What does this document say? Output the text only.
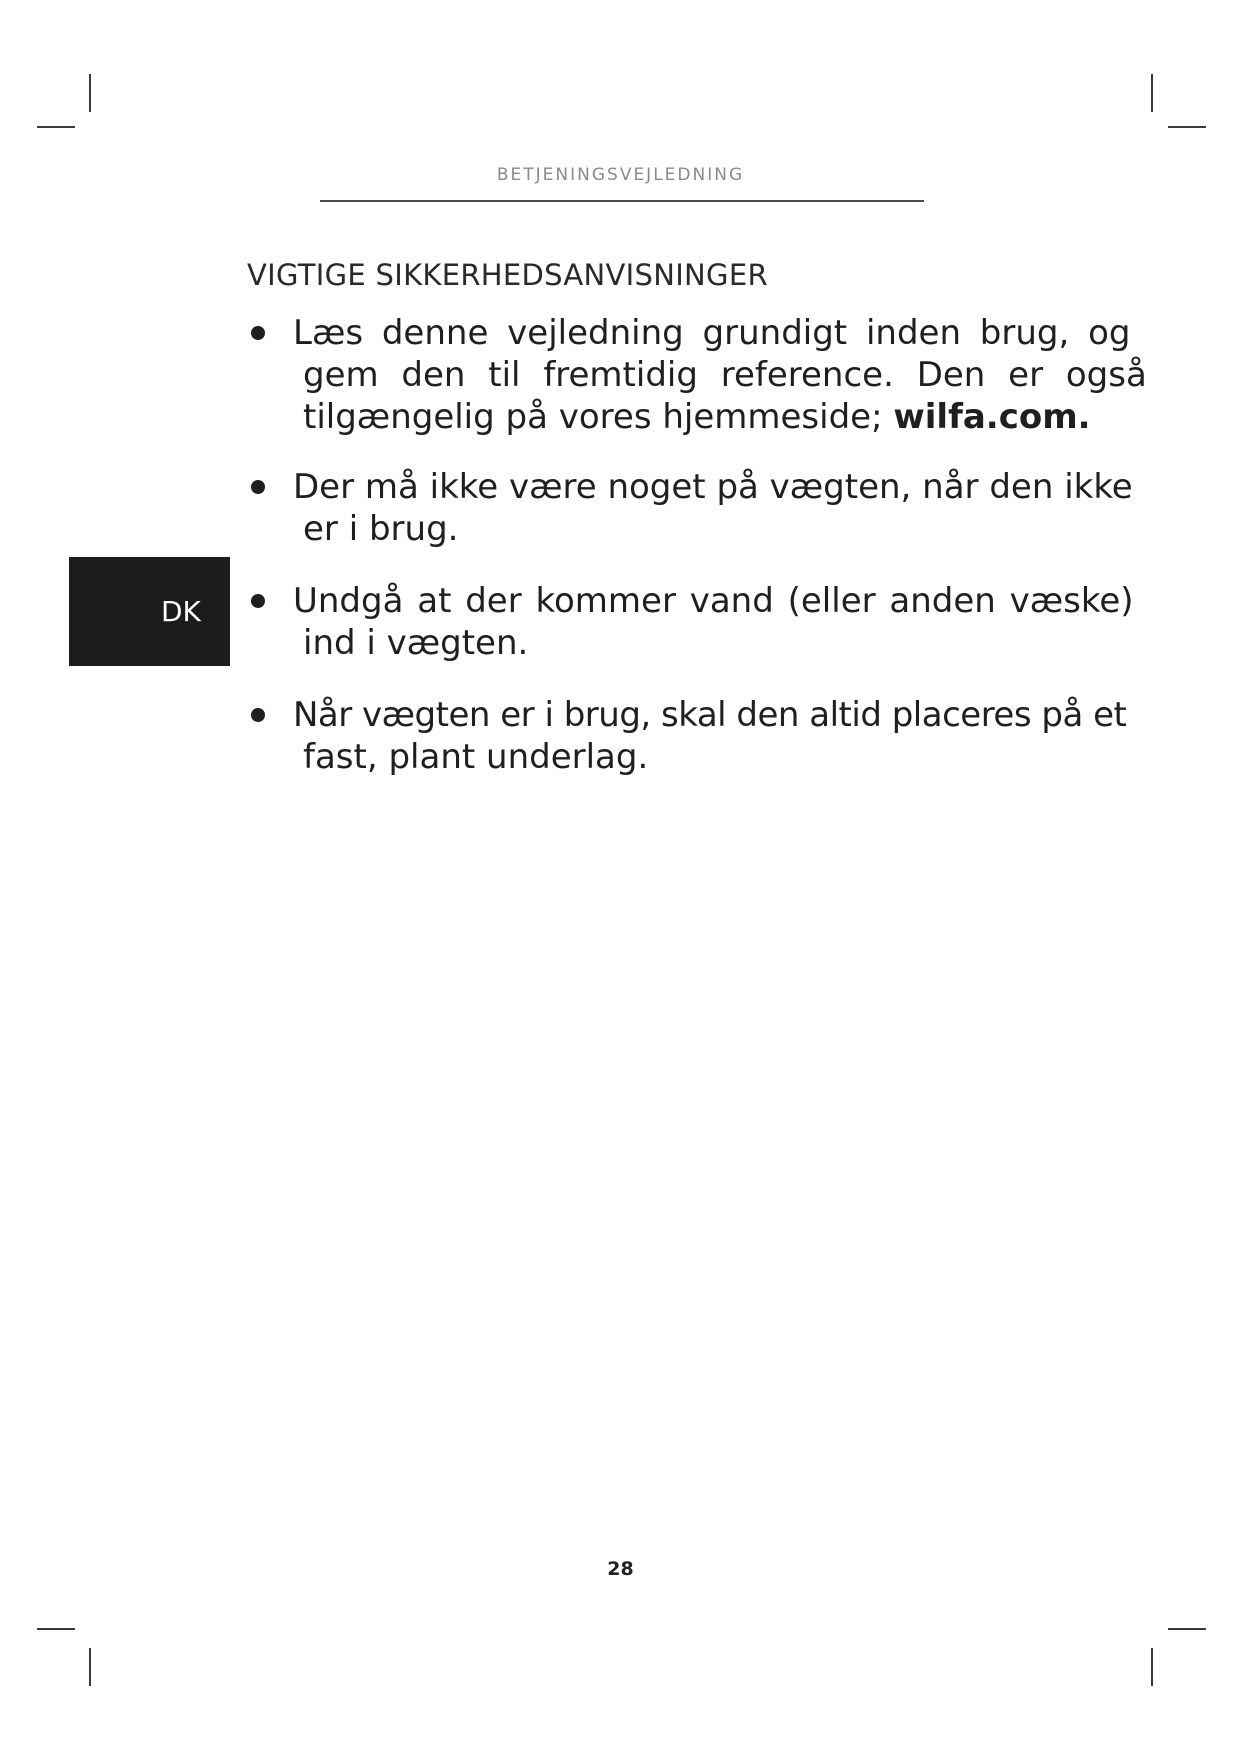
BETJENINGSVEJLEDNING
VIGTIGE SIKKERHEDSANVISNINGER
Læs denne vejledning grundigt inden brug, og
gem den til fremtidig reference. Den er også
tilgængelig på vores hjemmeside; wilfa.com.
Der må ikke være noget på vægten, når den ikke
er i brug.
Undgå at der kommer vand (eller anden væske)
ind i vægten.
Når vægten er i brug, skal den altid placeres på et
fast, plant underlag.
DK
28
